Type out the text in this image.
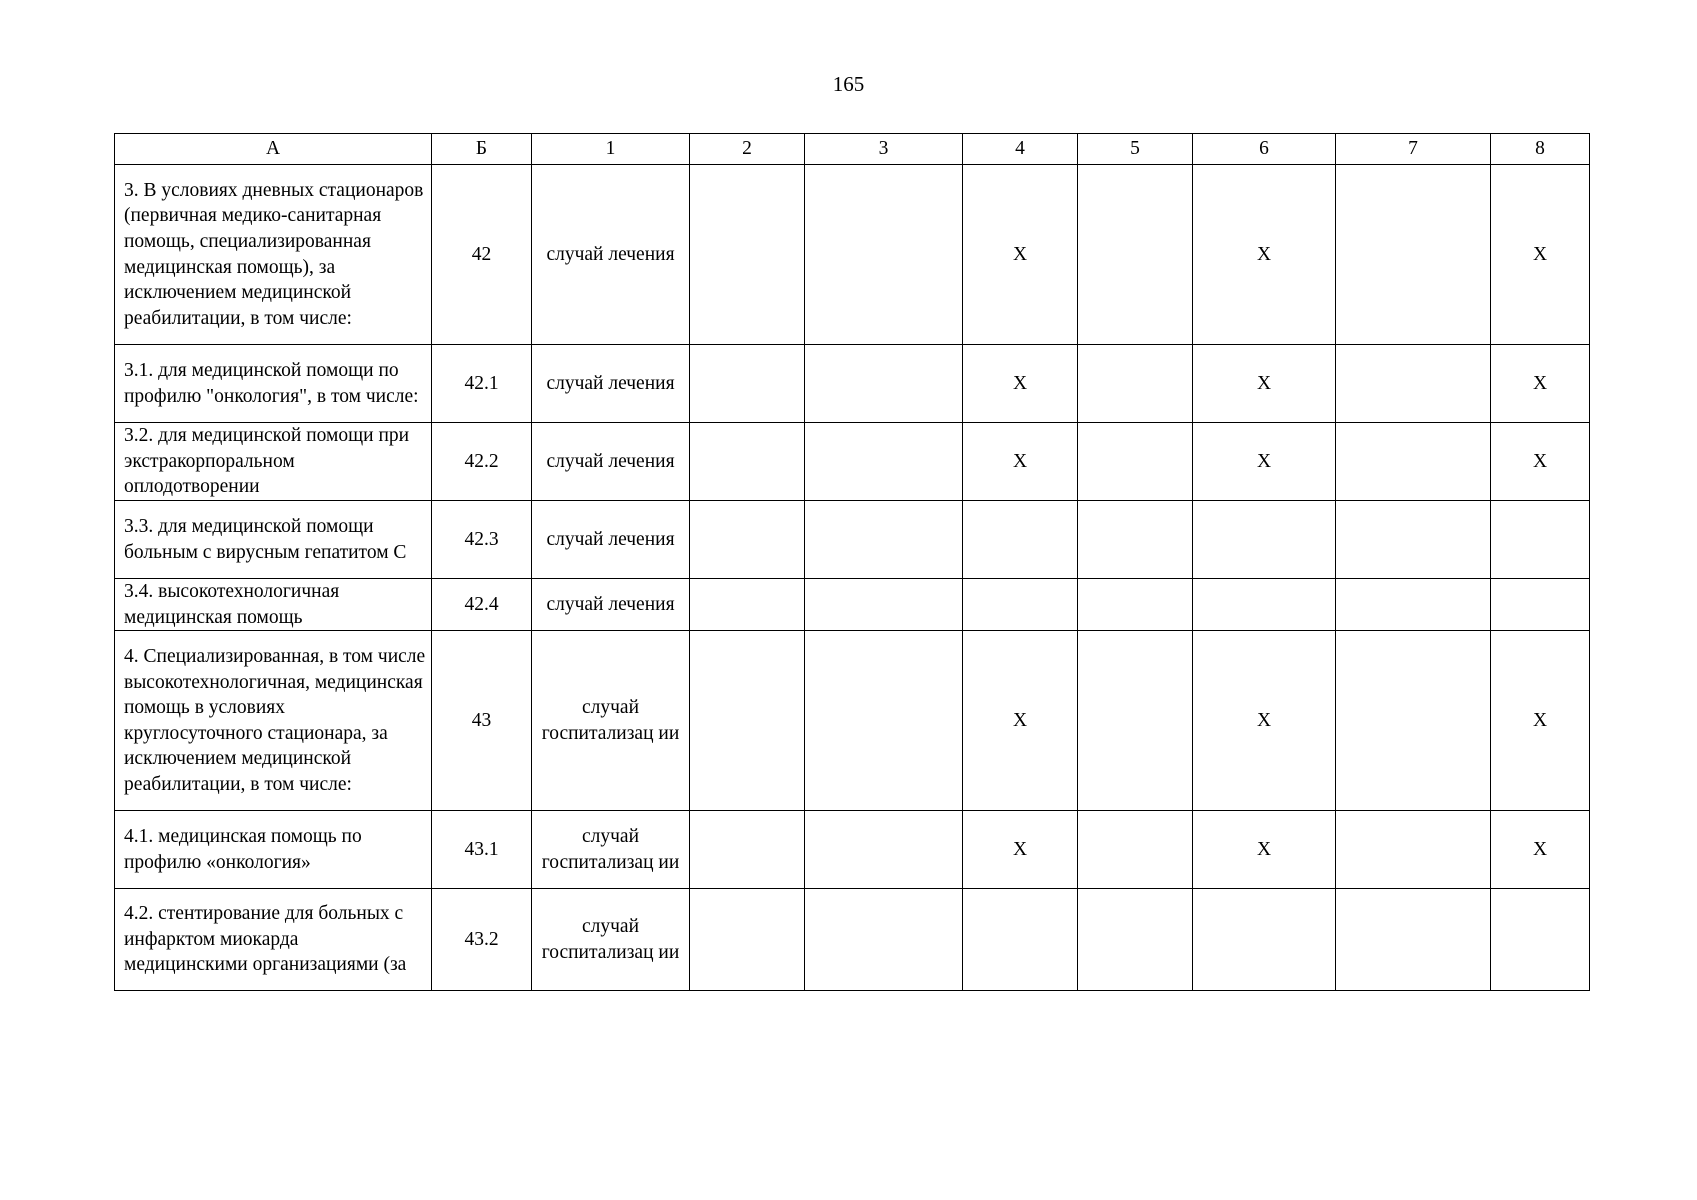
165
А	Б	1	2	3	4	5	6	7	8
3. В условиях дневных стационаров (первичная медико-санитарная помощь, специализированная медицинская помощь), за исключением медицинской реабилитации, в том числе:	42	случай лечения			Х		Х		Х
3.1. для медицинской помощи по профилю "онкология", в том числе:	42.1	случай лечения			Х		Х		Х
3.2. для медицинской помощи при экстракорпоральном оплодотворении	42.2	случай лечения			Х		Х		Х
3.3. для медицинской помощи больным с вирусным гепатитом С	42.3	случай лечения							
3.4. высокотехнологичная медицинская помощь	42.4	случай лечения							
4. Специализированная, в том числе высокотехнологичная, медицинская помощь в условиях круглосуточного стационара, за исключением медицинской реабилитации, в том числе:	43	случай госпитализац ии			Х		Х		Х
4.1. медицинская помощь по профилю «онкология»	43.1	случай госпитализац ии			Х		Х		Х
4.2. стентирование для больных с инфарктом миокарда медицинскими организациями (за	43.2	случай госпитализац ии							
